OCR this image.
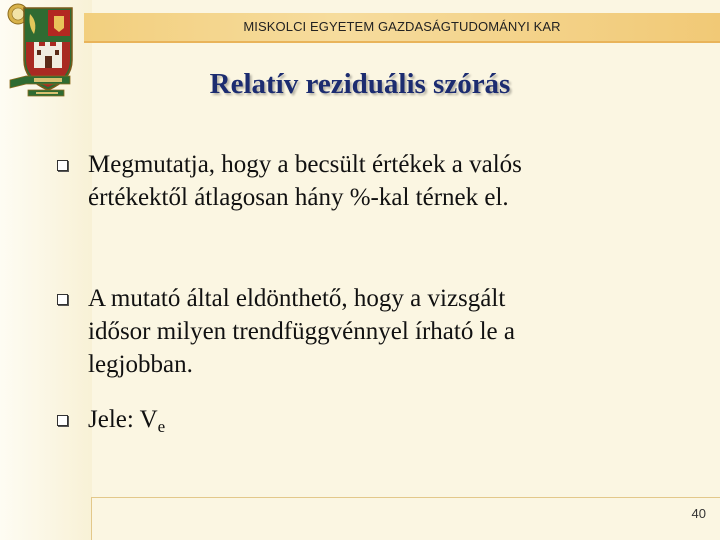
MISKOLCI EGYETEM GAZDASÁGTUDOMÁNYI KAR
Relatív reziduális szórás
Megmutatja, hogy a becsült értékek a valós
értékektől átlagosan hány %-kal térnek el.
A mutató által eldönthető, hogy a vizsgált
idősor milyen trendfüggvénnyel írható le a
legjobban.
Jele: $V_e$
40
